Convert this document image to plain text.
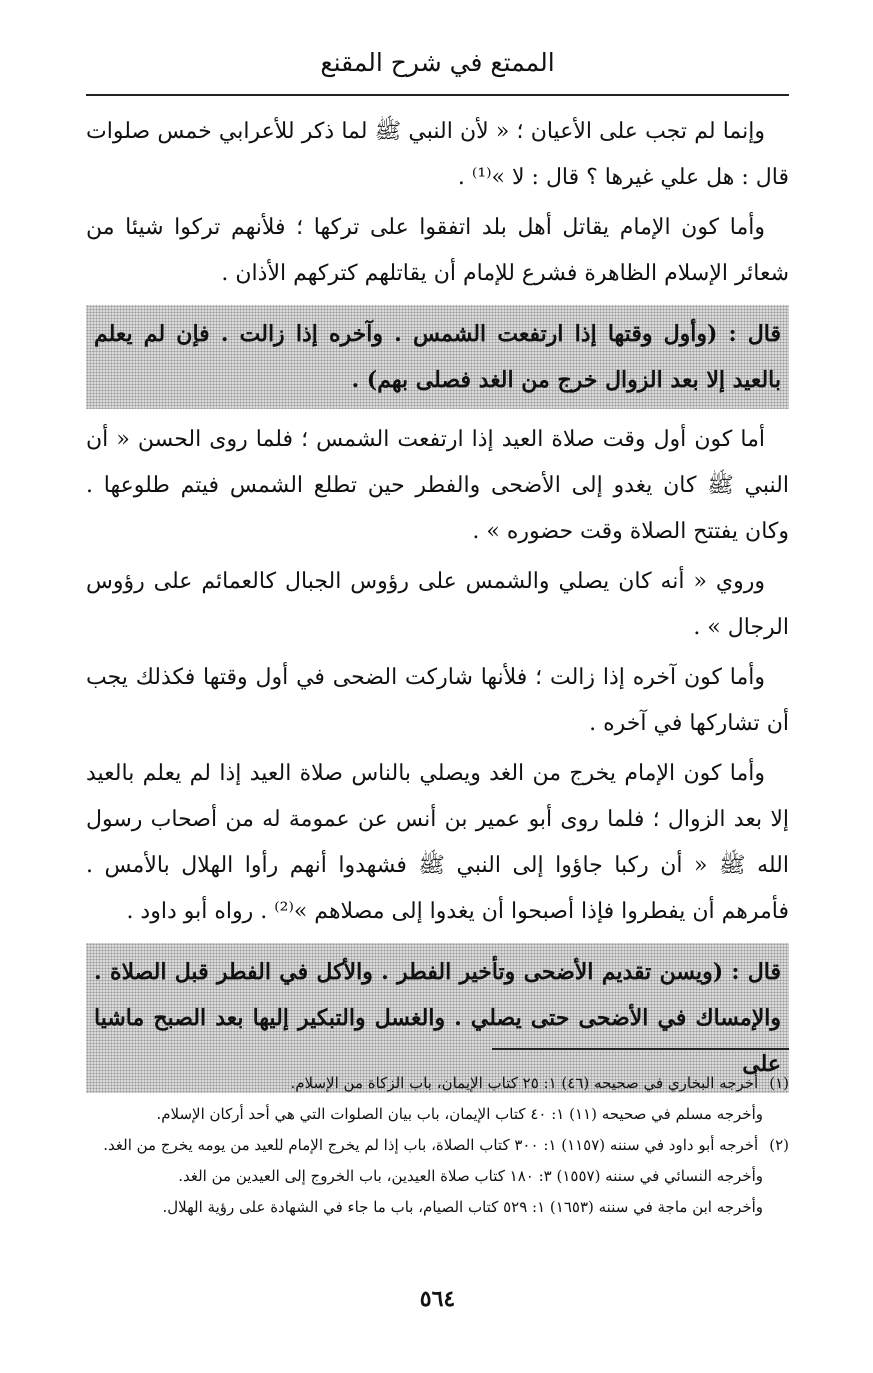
الممتع في شرح المقنع

وإنما لم تجب على الأعيان ؛ « لأن النبي ﷺ لما ذكر للأعرابي خمس صلوات قال : هل علي غيرها ؟ قال : لا »⁽¹⁾ .

وأما كون الإمام يقاتل أهل بلد اتفقوا على تركها ؛ فلأنهم تركوا شيئا من شعائر الإسلام الظاهرة فشرع للإمام أن يقاتلهم كتركهم الأذان .

قال : (وأول وقتها إذا ارتفعت الشمس . وآخره إذا زالت . فإن لم يعلم بالعيد إلا بعد الزوال خرج من الغد فصلى بهم) .

أما كون أول وقت صلاة العيد إذا ارتفعت الشمس ؛ فلما روى الحسن « أن النبي ﷺ كان يغدو إلى الأضحى والفطر حين تطلع الشمس فيتم طلوعها . وكان يفتتح الصلاة وقت حضوره » .

وروي « أنه كان يصلي والشمس على رؤوس الجبال كالعمائم على رؤوس الرجال » .

وأما كون آخره إذا زالت ؛ فلأنها شاركت الضحى في أول وقتها فكذلك يجب أن تشاركها في آخره .

وأما كون الإمام يخرج من الغد ويصلي بالناس صلاة العيد إذا لم يعلم بالعيد إلا بعد الزوال ؛ فلما روى أبو عمير بن أنس عن عمومة له من أصحاب رسول الله ﷺ « أن ركبا جاؤوا إلى النبي ﷺ فشهدوا أنهم رأوا الهلال بالأمس . فأمرهم أن يفطروا فإذا أصبحوا أن يغدوا إلى مصلاهم »⁽²⁾ . رواه أبو داود .

قال : (ويسن تقديم الأضحى وتأخير الفطر . والأكل في الفطر قبل الصلاة . والإمساك في الأضحى حتى يصلي . والغسل والتبكير إليها بعد الصبح ماشيا على

(١) أخرجه البخاري في صحيحه (٤٦) ١: ٢٥ كتاب الإيمان، باب الزكاة من الإسلام.

وأخرجه مسلم في صحيحه (١١) ١: ٤٠ كتاب الإيمان، باب بيان الصلوات التي هي أحد أركان الإسلام.

(٢) أخرجه أبو داود في سننه (١١٥٧) ١: ٣٠٠ كتاب الصلاة، باب إذا لم يخرج الإمام للعيد من يومه يخرج من الغد.

وأخرجه النسائي في سننه (١٥٥٧) ٣: ١٨٠ كتاب صلاة العيدين، باب الخروج إلى العيدين من الغد.

وأخرجه ابن ماجة في سننه (١٦٥٣) ١: ٥٢٩ كتاب الصيام، باب ما جاء في الشهادة على رؤية الهلال.

٥٦٤
